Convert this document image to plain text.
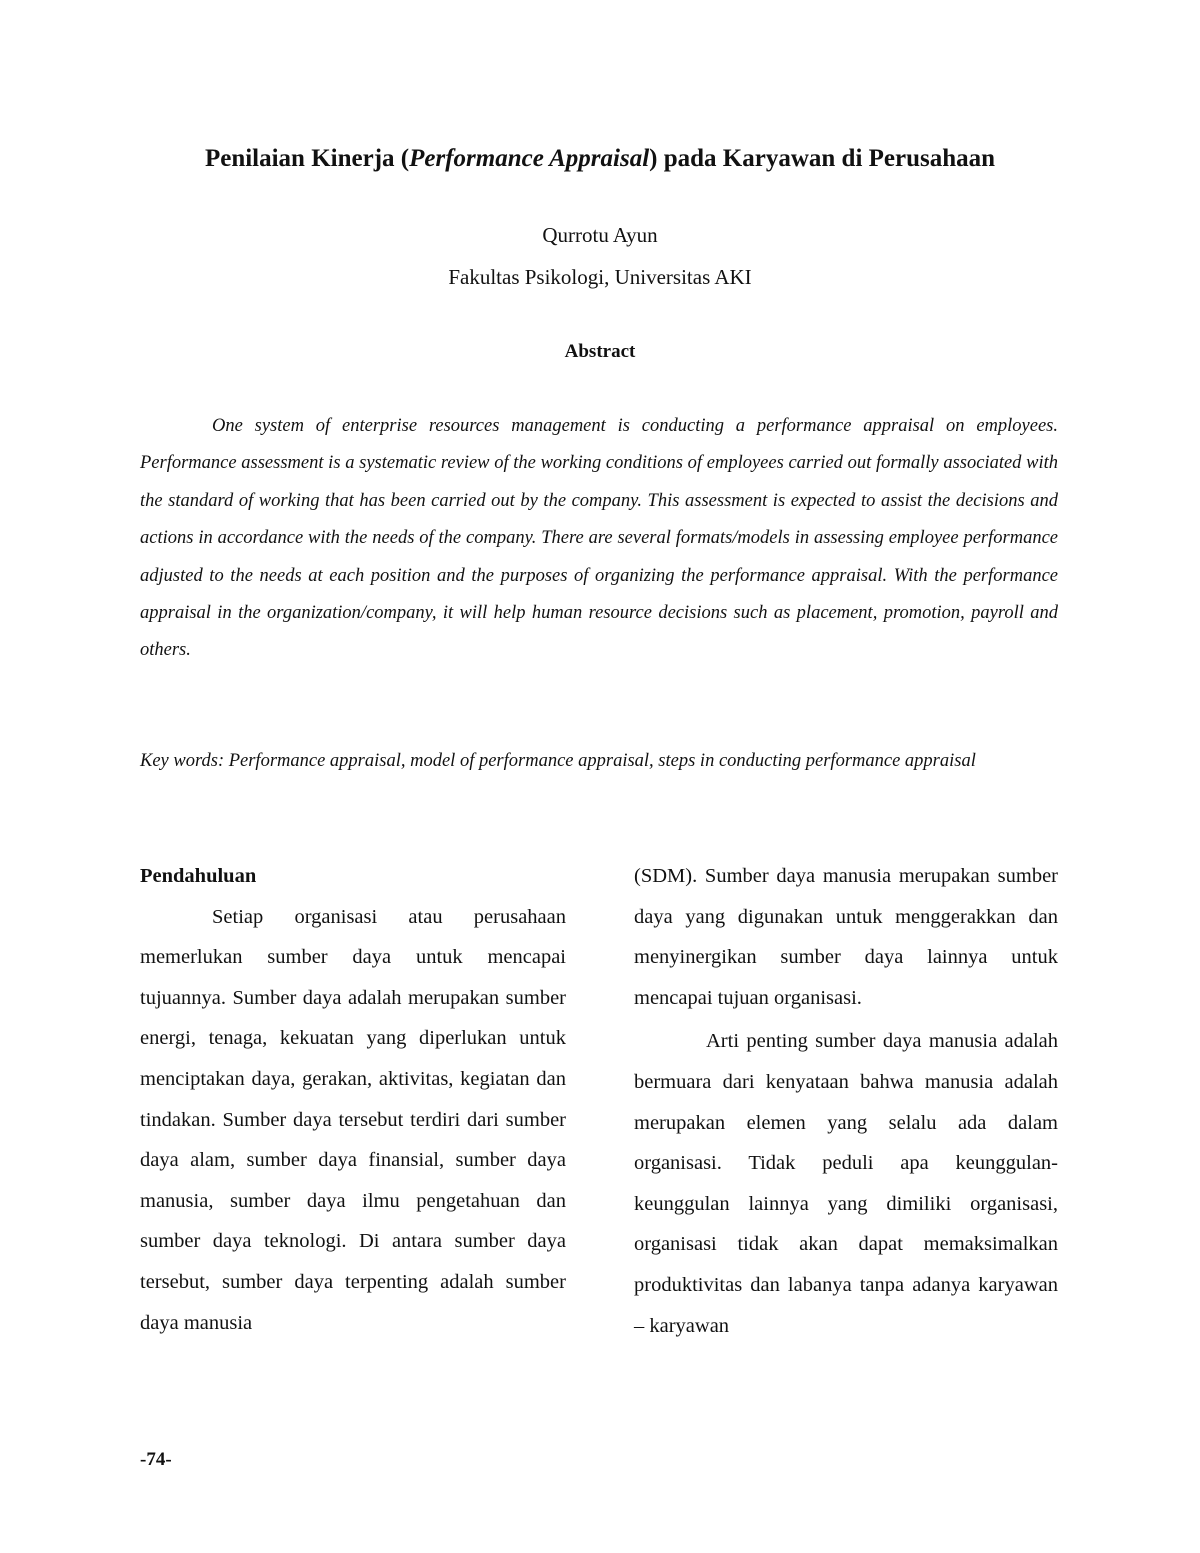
Penilaian Kinerja (Performance Appraisal) pada Karyawan di Perusahaan
Qurrotu Ayun
Fakultas Psikologi, Universitas AKI
Abstract

One system of enterprise resources management is conducting a performance appraisal on employees. Performance assessment is a systematic review of the working conditions of employees carried out formally associated with the standard of working that has been carried out by the company. This assessment is expected to assist the decisions and actions in accordance with the needs of the company. There are several formats/models in assessing employee performance adjusted to the needs at each position and the purposes of organizing the performance appraisal. With the performance appraisal in the organization/company, it will help human resource decisions such as placement, promotion, payroll and others.

Key words: Performance appraisal, model of performance appraisal, steps in conducting performance appraisal

Pendahuluan

Setiap organisasi atau perusahaan memerlukan sumber daya untuk mencapai tujuannya. Sumber daya adalah merupakan sumber energi, tenaga, kekuatan yang diperlukan untuk menciptakan daya, gerakan, aktivitas, kegiatan dan tindakan. Sumber daya tersebut terdiri dari sumber daya alam, sumber daya finansial, sumber daya manusia, sumber daya ilmu pengetahuan dan sumber daya teknologi. Di antara sumber daya tersebut, sumber daya terpenting adalah sumber daya manusia

(SDM). Sumber daya manusia merupakan sumber daya yang digunakan untuk menggerakkan dan menyinergikan sumber daya lainnya untuk mencapai tujuan organisasi.

Arti penting sumber daya manusia adalah bermuara dari kenyataan bahwa manusia adalah merupakan elemen yang selalu ada dalam organisasi. Tidak peduli apa keunggulan-keunggulan lainnya yang dimiliki organisasi, organisasi tidak akan dapat memaksimalkan produktivitas dan labanya tanpa adanya karyawan – karyawan

-74-
